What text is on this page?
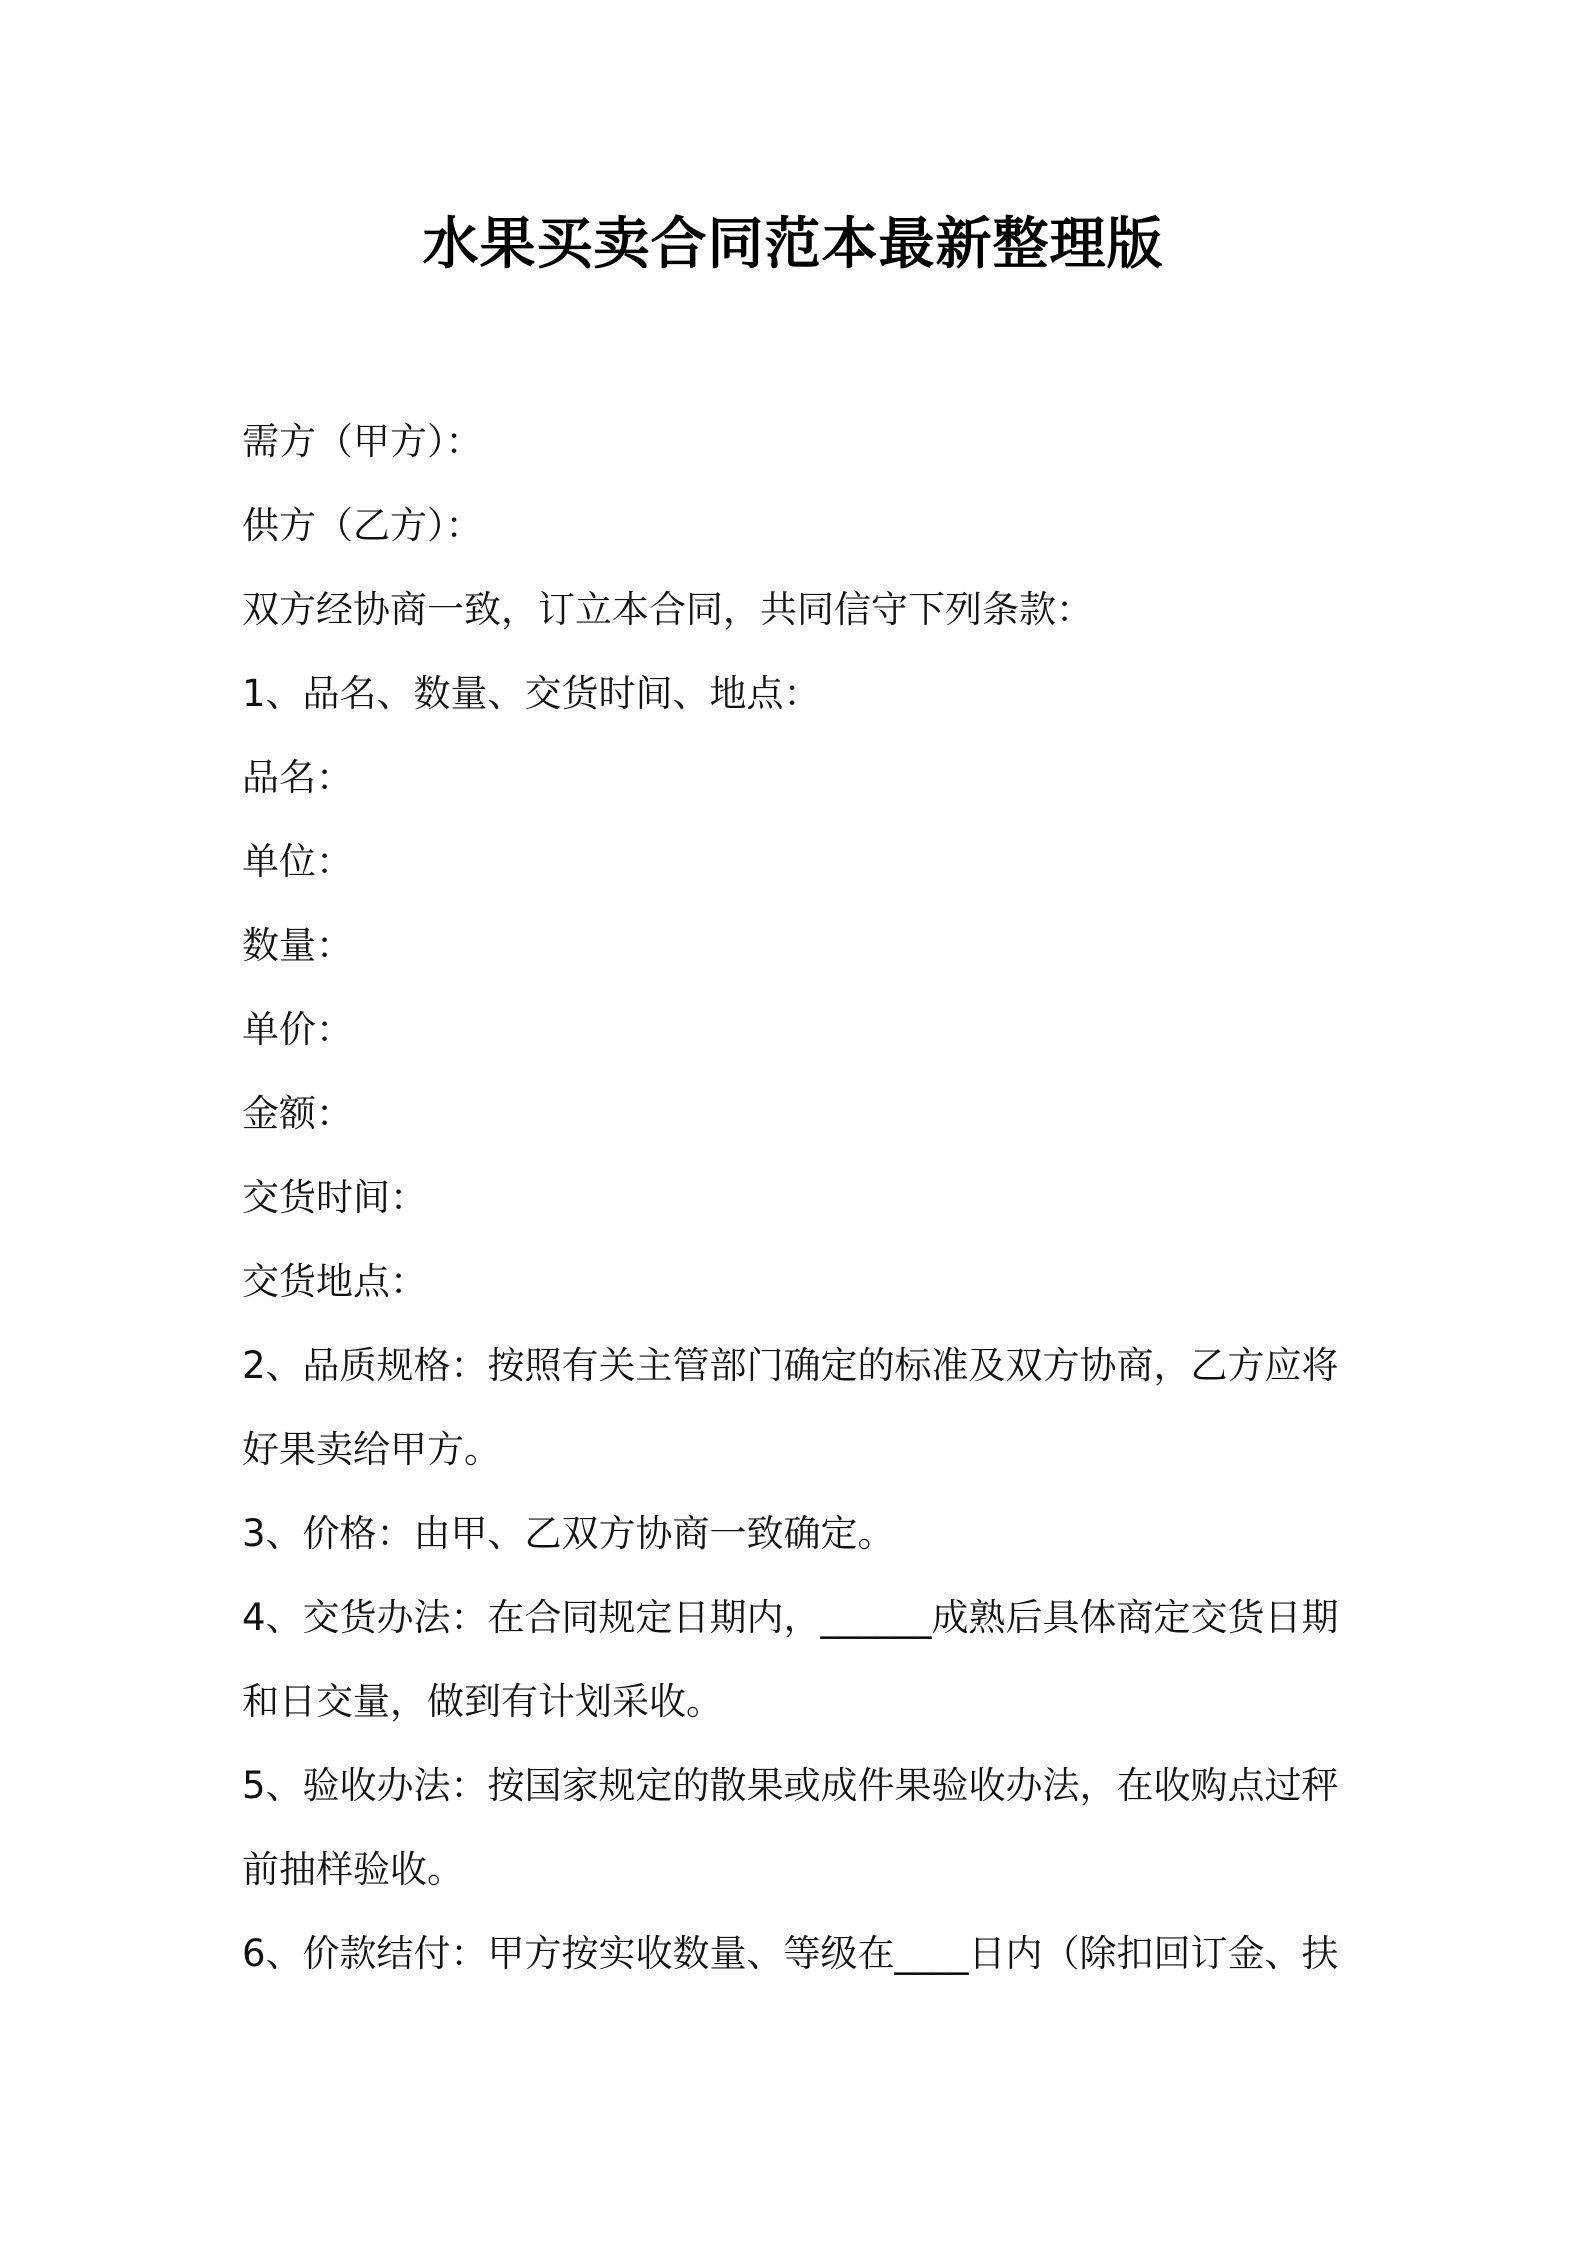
水果买卖合同范本最新整理版
需方（甲方）：
供方（乙方）：
双方经协商一致，订立本合同，共同信守下列条款：
1、品名、数量、交货时间、地点：
品名：
单位：
数量：
单价：
金额：
交货时间：
交货地点：
2、品质规格：按照有关主管部门确定的标准及双方协商，乙方应将
好果卖给甲方。
3、价格：由甲、乙双方协商一致确定。
4、交货办法：在合同规定日期内，______成熟后具体商定交货日期
和日交量，做到有计划采收。
5、验收办法：按国家规定的散果或成件果验收办法，在收购点过秤
前抽样验收。
6、价款结付：甲方按实收数量、等级在____日内（除扣回订金、扶
